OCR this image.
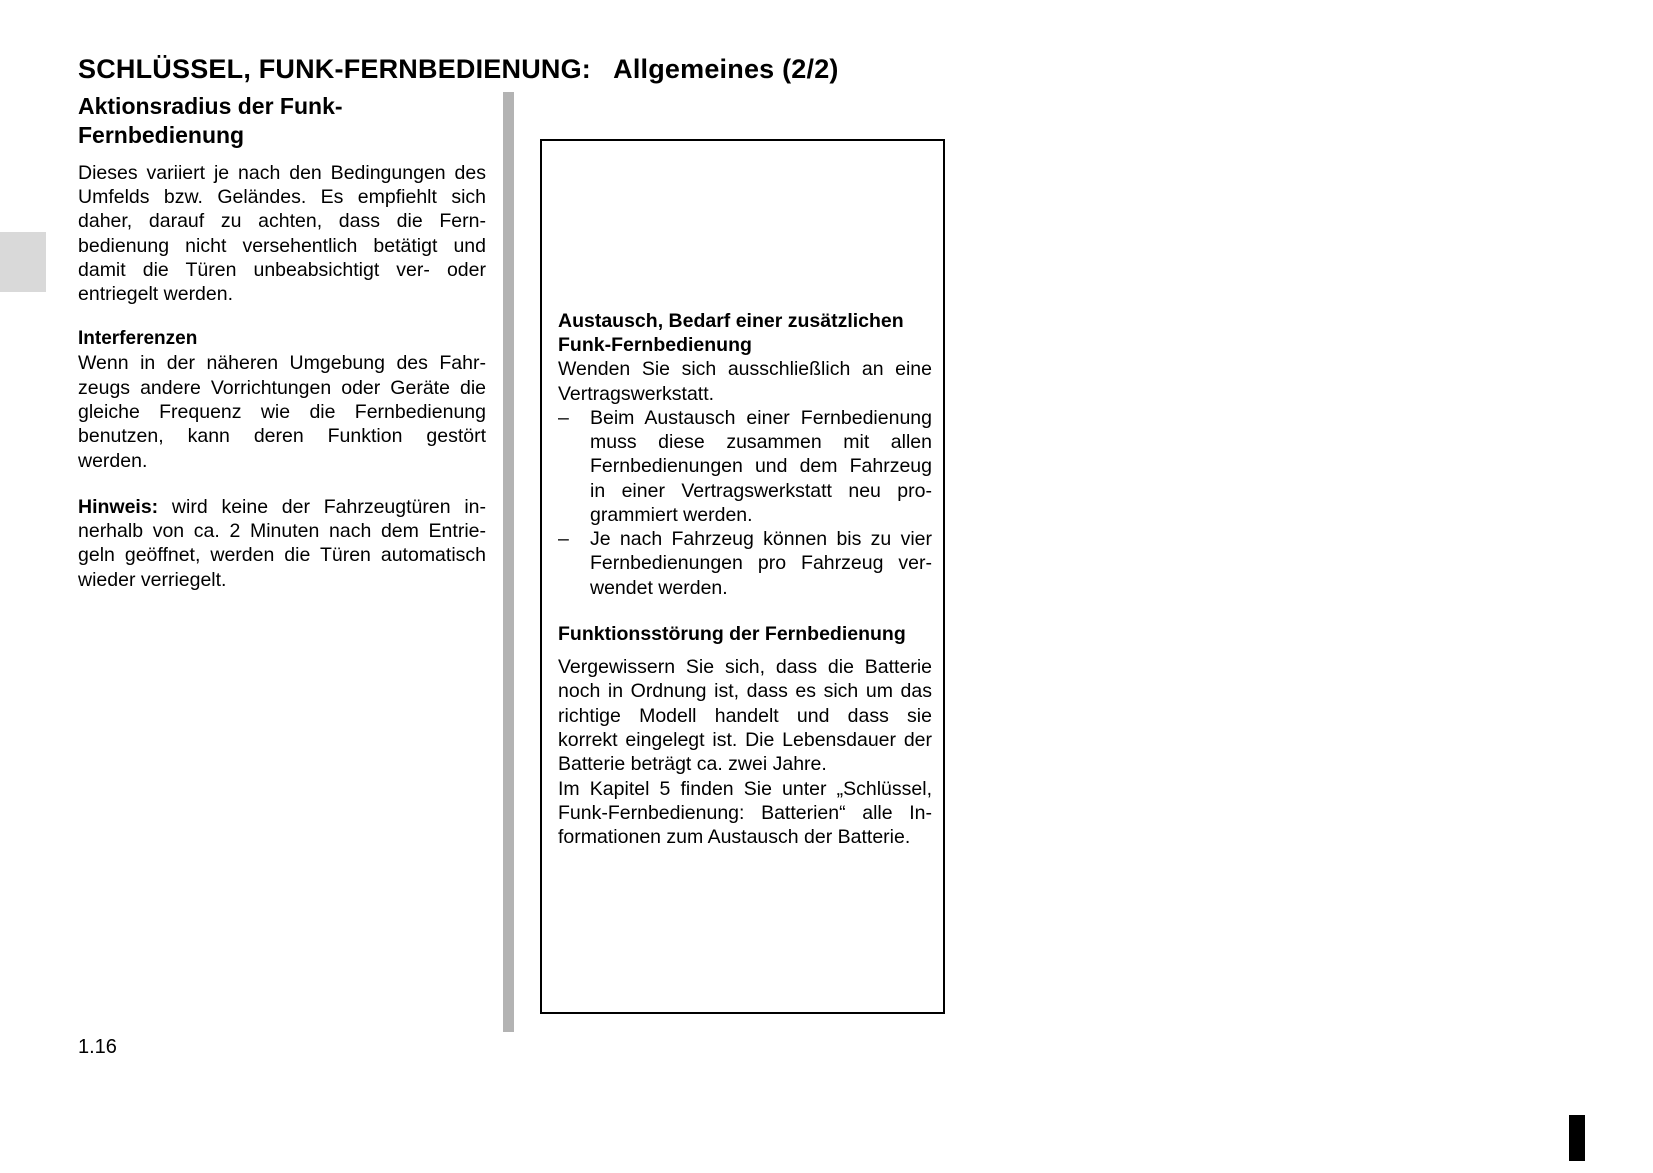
SCHLÜSSEL, FUNK-FERNBEDIENUNG: Allgemeines (2/2)
Aktionsradius der Funk-Fernbedienung

Dieses variiert je nach den Bedingungen des Umfelds bzw. Geländes. Es empfiehlt sich daher, darauf zu achten, dass die Fernbedienung nicht versehentlich betätigt und damit die Türen unbeabsichtigt ver- oder entriegelt werden.

Interferenzen

Wenn in der näheren Umgebung des Fahrzeugs andere Vorrichtungen oder Geräte die gleiche Frequenz wie die Fernbedienung benutzen, kann deren Funktion gestört werden.

Hinweis: wird keine der Fahrzeugtüren innerhalb von ca. 2 Minuten nach dem Entriegeln geöffnet, werden die Türen automatisch wieder verriegelt.

Austausch, Bedarf einer zusätzlichen Funk-Fernbedienung

Wenden Sie sich ausschließlich an eine Vertragswerkstatt.

– Beim Austausch einer Fernbedienung muss diese zusammen mit allen Fernbedienungen und dem Fahrzeug in einer Vertragswerkstatt neu programmiert werden.
– Je nach Fahrzeug können bis zu vier Fernbedienungen pro Fahrzeug verwendet werden.
Funktionsstörung der Fernbedienung

Vergewissern Sie sich, dass die Batterie noch in Ordnung ist, dass es sich um das richtige Modell handelt und dass sie korrekt eingelegt ist. Die Lebensdauer der Batterie beträgt ca. zwei Jahre.

Im Kapitel 5 finden Sie unter „Schlüssel, Funk-Fernbedienung: Batterien“ alle Informationen zum Austausch der Batterie.

1.16
